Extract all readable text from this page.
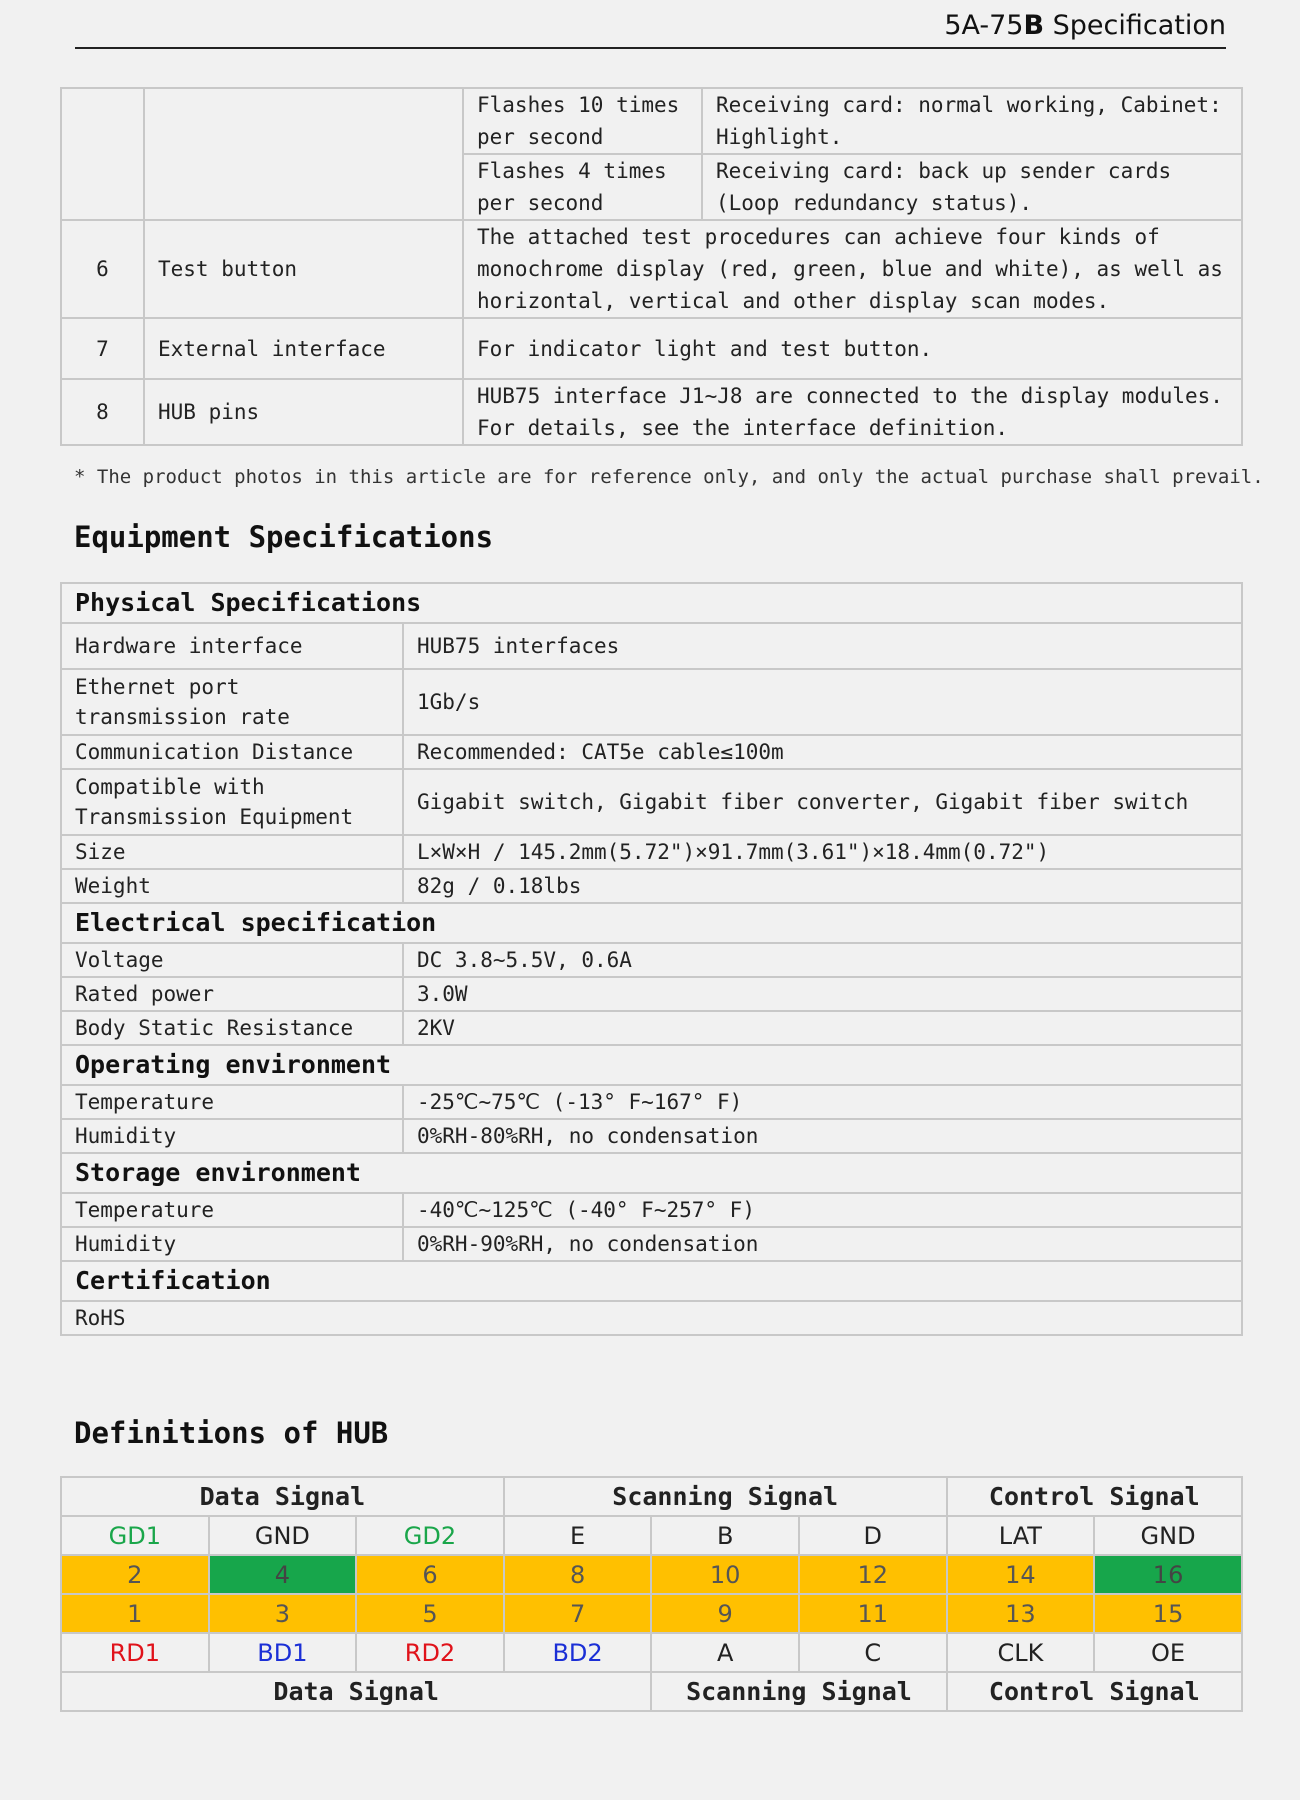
5A-75B Specification
		Flashes 10 times per second	Receiving card: normal working, Cabinet: Highlight.
		Flashes 4 times per second	Receiving card: back up sender cards (Loop redundancy status).
6	Test button	The attached test procedures can achieve four kinds of monochrome display (red, green, blue and white), as well as horizontal, vertical and other display scan modes.	
7	External interface	For indicator light and test button.	
8	HUB pins	HUB75 interface J1~J8 are connected to the display modules. For details, see the interface definition.	
* The product photos in this article are for reference only, and only the actual purchase shall prevail.
Equipment Specifications
Physical Specifications	
Hardware interface	HUB75 interfaces
Ethernet port transmission rate	1Gb/s
Communication Distance	Recommended: CAT5e cable≤100m
Compatible with Transmission Equipment	Gigabit switch, Gigabit fiber converter, Gigabit fiber switch
Size	L×W×H / 145.2mm(5.72")×91.7mm(3.61")×18.4mm(0.72")
Weight	82g / 0.18lbs
Electrical specification	
Voltage	DC 3.8~5.5V, 0.6A
Rated power	3.0W
Body Static Resistance	2KV
Operating environment	
Temperature	-25℃~75℃ (-13° F~167° F)
Humidity	0%RH-80%RH, no condensation
Storage environment	
Temperature	-40℃~125℃ (-40° F~257° F)
Humidity	0%RH-90%RH, no condensation
Certification	
RoHS	
Definitions of HUB
Data Signal			Scanning Signal			Control Signal	
GD1	GND	GD2	E	B	D	LAT	GND
2	4	6	8	10	12	14	16
1	3	5	7	9	11	13	15
RD1	BD1	RD2	BD2	A	C	CLK	OE
Data Signal				Scanning Signal		Control Signal	
